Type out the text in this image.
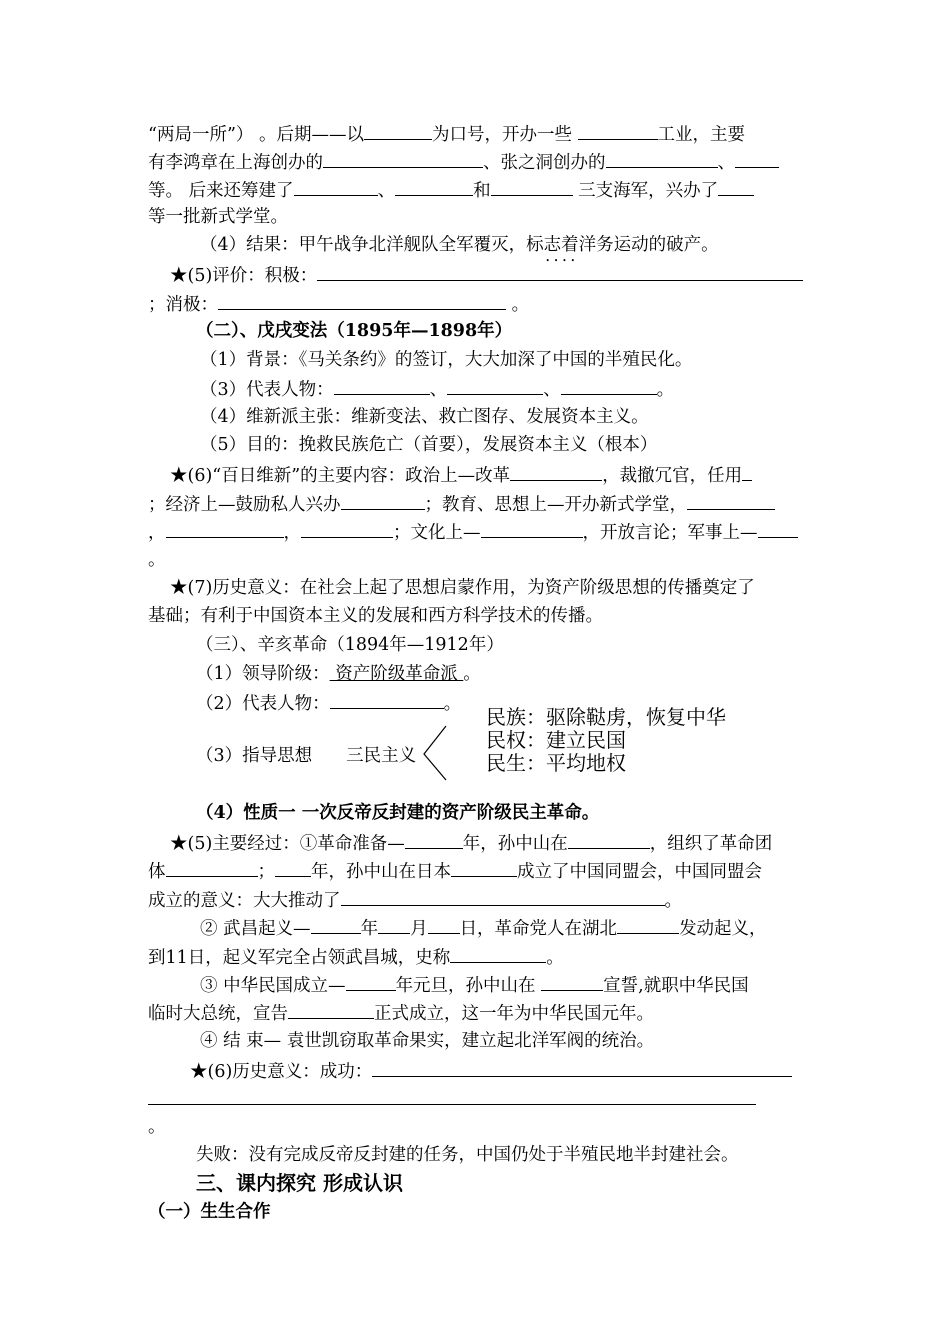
“两局一所”） 。后期——以	为口号，开办一些	工业，主要
有李鸿章在上海创办的	、张之洞创办的	、
等。 后来还筹建了	、	和	三支海军，兴办了
等一批新式学堂。
（4）结果：甲午战争北洋舰队全军覆灭，标志着洋务 • • 运动的破产。
★(5)评价：积极：
；消极：	。
（二）、戊戌变法（1895年—1898年）
（1）背景：《马关条约》的签订，大大加深了中国的半殖民化。
（3）代表人物：	、	、	。
（4）维新派主张：维新变法、救亡图存、发展资本主义。
（5）目的：挽救民族危亡（首要），发展资本主义（根本）
★(6)“百日维新”的主要内容：政治上—改革	，裁撤冗官，任用
；经济上—鼓励私人兴办	；教育、思想上—开办新式学堂，
，	，	；文化上—	，开放言论；军事上—
。
★(7)历史意义：在社会上起了思想启蒙作用，为资产阶级思想的传播奠定了
基础；有利于中国资本主义的发展和西方科学技术的传播。
（三）、辛亥革命（1894年—1912年）
（1）领导阶级： 资产阶级革命派 。
（2）代表人物：	。
（3）指导思想 三民主义
民族：驱除鞑虏，恢复中华
民权：建立民国
民生：平均地权
（4）性质一 一次反帝反封建的资产阶级民主革命。
★(5)主要经过：①革命准备—	年，孙中山在	，组织了革命团
体	； 年，孙中山在日本	成立了中国同盟会，中国同盟会
成立的意义：大大推动了	。
② 武昌起义—	年 月 日，革命党人在湖北	发动起义，
到11日，起义军完全占领武昌城，史称	。
③ 中华民国成立—	年元旦，孙中山在	宣誓,就职中华民国
临时大总统，宣告	正式成立，这一年为中华民国元年。
④ 结 束— 袁世凯窃取革命果实，建立起北洋军阀的统治。
★(6)历史意义：成功：
。
失败：没有完成反帝反封建的任务，中国仍处于半殖民地半封建社会。
三、课内探究 形成认识
（一）生生合作
